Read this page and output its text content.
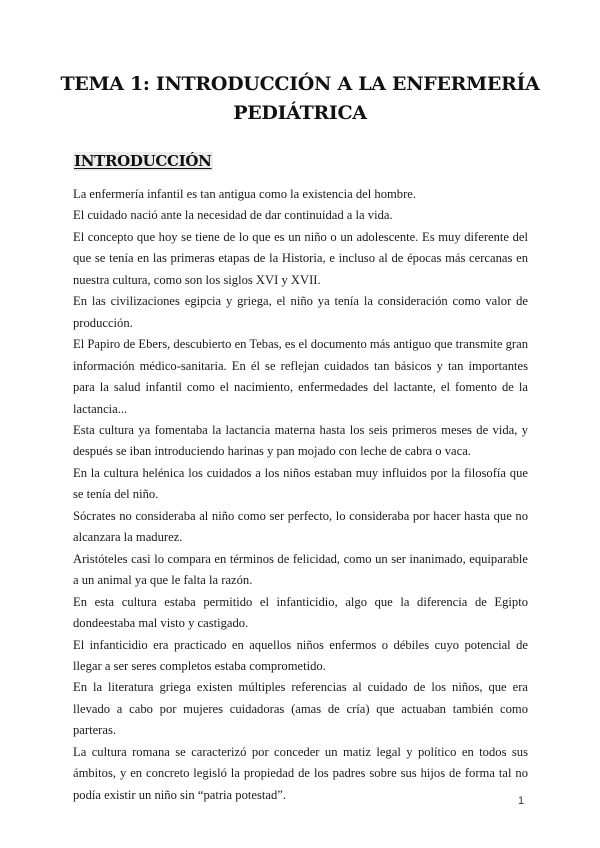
TEMA 1: INTRODUCCIÓN A LA ENFERMERÍA
PEDIÁTRICA
INTRODUCCIÓN

La enfermería infantil es tan antigua como la existencia del hombre.

El cuidado nació ante la necesidad de dar continuidad a la vida.

El concepto que hoy se tiene de lo que es un niño o un adolescente. Es muy diferente del que se tenía en las primeras etapas de la Historia, e incluso al de épocas más cercanas en nuestra cultura, como son los siglos XVI y XVII.

En las civilizaciones egipcia y griega, el niño ya tenía la consideración como valor de producción.

El Papiro de Ebers, descubierto en Tebas, es el documento más antiguo que transmite gran información médico-sanitaria. En él se reflejan cuidados tan básicos y tan importantes para la salud infantil como el nacimiento, enfermedades del lactante, el fomento de la lactancia...

Esta cultura ya fomentaba la lactancia materna hasta los seis primeros meses de vida, y después se iban introduciendo harinas y pan mojado con leche de cabra o vaca.

En la cultura helénica los cuidados a los niños estaban muy influidos por la filosofía que se tenía del niño.

Sócrates no consideraba al niño como ser perfecto, lo consideraba por hacer hasta que no alcanzara la madurez.

Aristóteles casi lo compara en términos de felicidad, como un ser inanimado, equiparable a un animal ya que le falta la razón.

En esta cultura estaba permitido el infanticidio, algo que la diferencia de Egipto dondeestaba mal visto y castigado.

El infanticidio era practicado en aquellos niños enfermos o débiles cuyo potencial de llegar a ser seres completos estaba comprometido.

En la literatura griega existen múltiples referencias al cuidado de los niños, que era llevado a cabo por mujeres cuidadoras (amas de cría) que actuaban también como parteras.

La cultura romana se caracterizó por conceder un matiz legal y político en todos sus ámbitos, y en concreto legisló la propiedad de los padres sobre sus hijos de forma tal no podía existir un niño sin “patria potestad”.	1
